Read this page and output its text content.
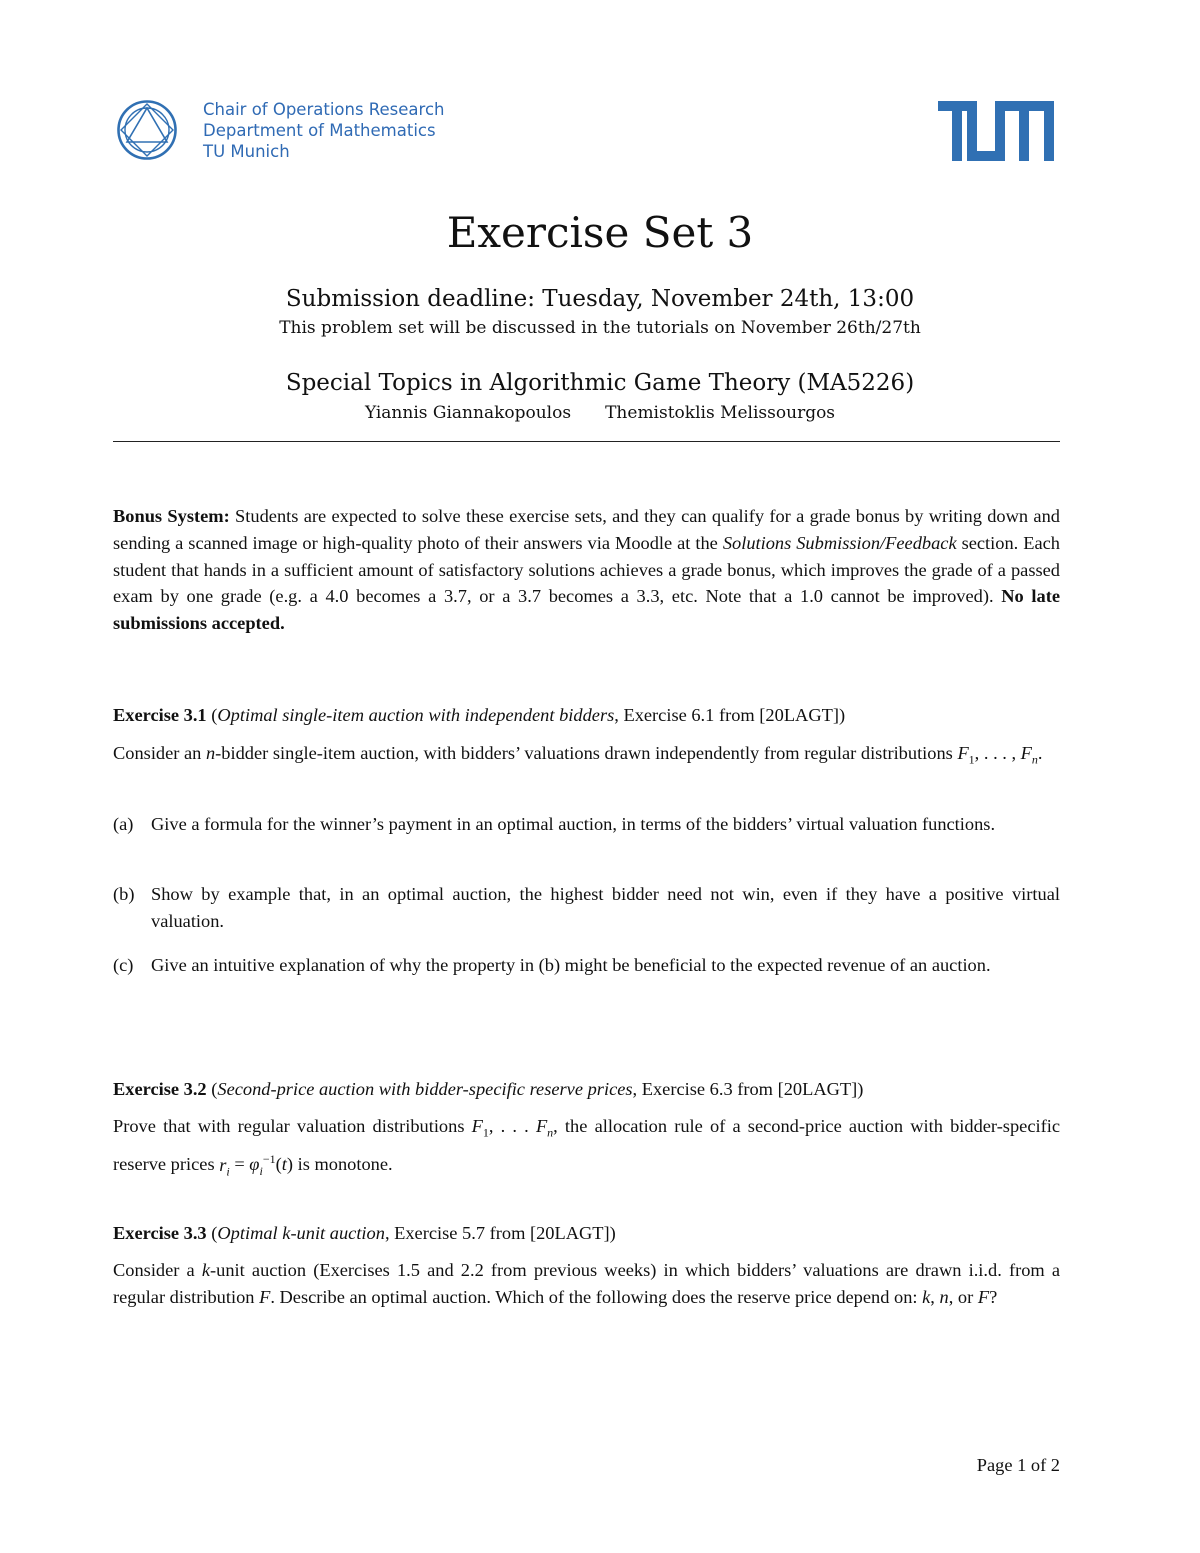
Chair of Operations Research
Department of Mathematics
TU Munich
Exercise Set 3
Submission deadline: Tuesday, November 24th, 13:00
This problem set will be discussed in the tutorials on November 26th/27th
Special Topics in Algorithmic Game Theory (MA5226)
Yiannis Giannakopoulos Themistoklis Melissourgos
Bonus System: Students are expected to solve these exercise sets, and they can qualify for a grade bonus by writing down and sending a scanned image or high-quality photo of their answers via Moodle at the Solutions Submission/Feedback section. Each student that hands in a sufficient amount of satisfactory solutions achieves a grade bonus, which improves the grade of a passed exam by one grade (e.g. a 4.0 becomes a 3.7, or a 3.7 becomes a 3.3, etc. Note that a 1.0 cannot be improved). No late submissions accepted.
Exercise 3.1 (Optimal single-item auction with independent bidders, Exercise 6.1 from [20LAGT])
Consider an n-bidder single-item auction, with bidders’ valuations drawn independently from regular distributions $F_1$, . . . , $F_n$.
(a) Give a formula for the winner’s payment in an optimal auction, in terms of the bidders’ virtual valuation functions.
(b) Show by example that, in an optimal auction, the highest bidder need not win, even if they have a positive virtual valuation.
(c) Give an intuitive explanation of why the property in (b) might be beneficial to the expected revenue of an auction.
Exercise 3.2 (Second-price auction with bidder-specific reserve prices, Exercise 6.3 from [20LAGT])
Prove that with regular valuation distributions $F_1$, . . . $F_n$, the allocation rule of a second-price auction with bidder-specific reserve prices $r_i = \varphi_i^{-1}(t)$ is monotone.
Exercise 3.3 (Optimal k-unit auction, Exercise 5.7 from [20LAGT])
Consider a k-unit auction (Exercises 1.5 and 2.2 from previous weeks) in which bidders’ valuations are drawn i.i.d. from a regular distribution F. Describe an optimal auction. Which of the following does the reserve price depend on: k, n, or F?
Page 1 of 2
